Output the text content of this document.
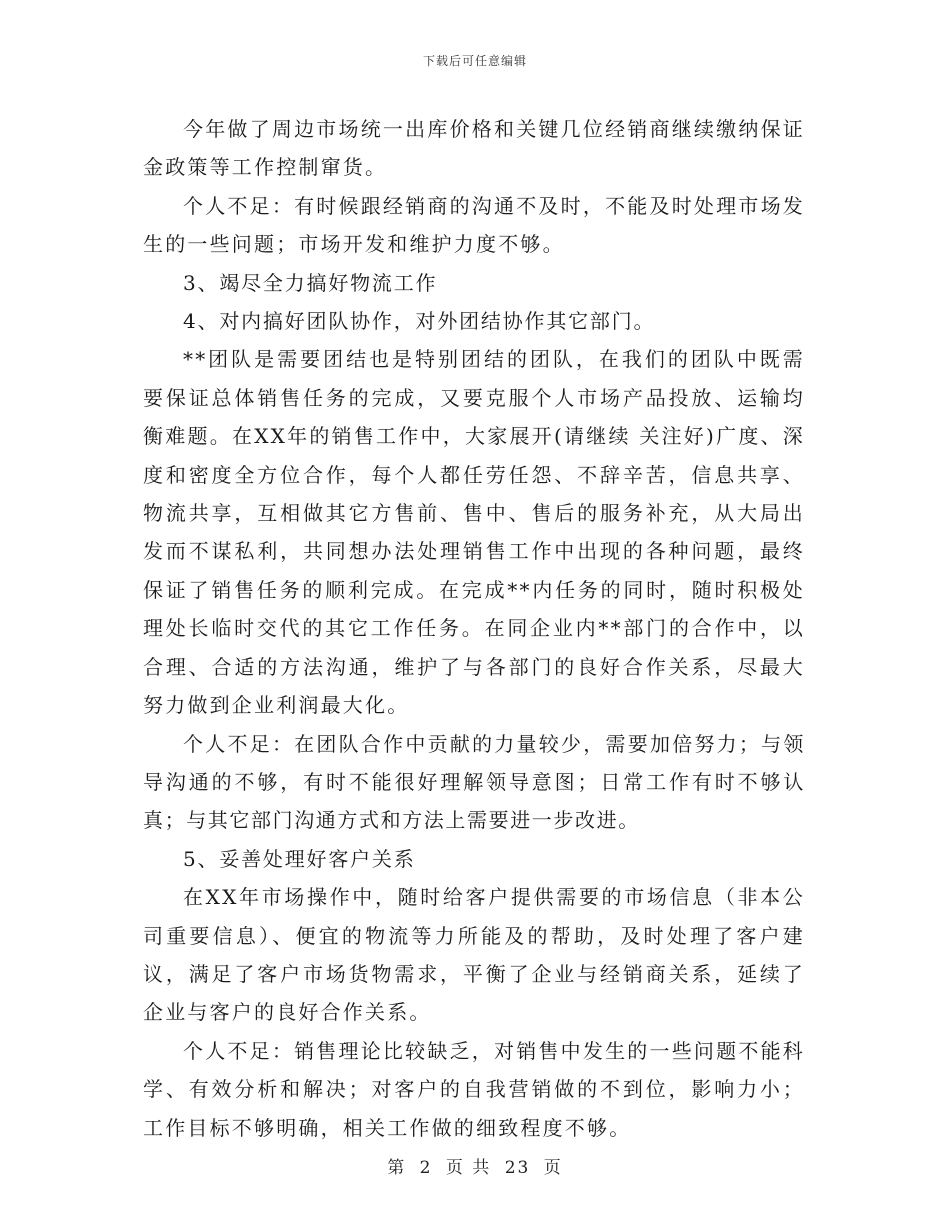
下载后可任意编辑

今年做了周边市场统一出库价格和关键几位经销商继续缴纳保证金政策等工作控制窜货。

个人不足：有时候跟经销商的沟通不及时，不能及时处理市场发生的一些问题；市场开发和维护力度不够。

3、竭尽全力搞好物流工作

4、对内搞好团队协作，对外团结协作其它部门。

**团队是需要团结也是特别团结的团队，在我们的团队中既需要保证总体销售任务的完成，又要克服个人市场产品投放、运输均衡难题。在XX年的销售工作中，大家展开(请继续 关注好)广度、深度和密度全方位合作，每个人都任劳任怨、不辞辛苦，信息共享、物流共享，互相做其它方售前、售中、售后的服务补充，从大局出发而不谋私利，共同想办法处理销售工作中出现的各种问题，最终保证了销售任务的顺利完成。在完成**内任务的同时，随时积极处理处长临时交代的其它工作任务。在同企业内**部门的合作中，以合理、合适的方法沟通，维护了与各部门的良好合作关系，尽最大努力做到企业利润最大化。

个人不足：在团队合作中贡献的力量较少，需要加倍努力；与领导沟通的不够，有时不能很好理解领导意图；日常工作有时不够认真；与其它部门沟通方式和方法上需要进一步改进。

5、妥善处理好客户关系

在XX年市场操作中，随时给客户提供需要的市场信息（非本公司重要信息）、便宜的物流等力所能及的帮助，及时处理了客户建议，满足了客户市场货物需求，平衡了企业与经销商关系，延续了企业与客户的良好合作关系。

个人不足：销售理论比较缺乏，对销售中发生的一些问题不能科学、有效分析和解决；对客户的自我营销做的不到位，影响力小；工作目标不够明确，相关工作做的细致程度不够。

第 2 页 共 23 页
